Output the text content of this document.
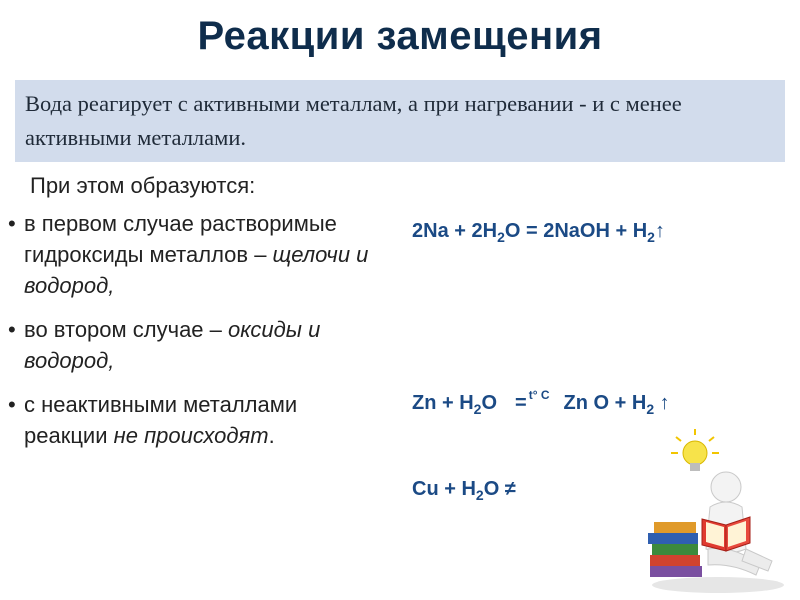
Реакции замещения
Вода реагирует с активными металлам, а при нагревании - и с менее активными металлами.
При этом образуются:
• в первом случае растворимые гидроксиды металлов – щелочи и водород,
• во втором случае – оксиды и водород,
• с неактивными металлами реакции не происходят.
$2Na + 2H_2O$ = 2NaOH + $H_2↑$
$Zn + H_2O = ^{t^\circ C}$ Zn $O + H_2$ ↑
$Cu + H_2O$ ≠
